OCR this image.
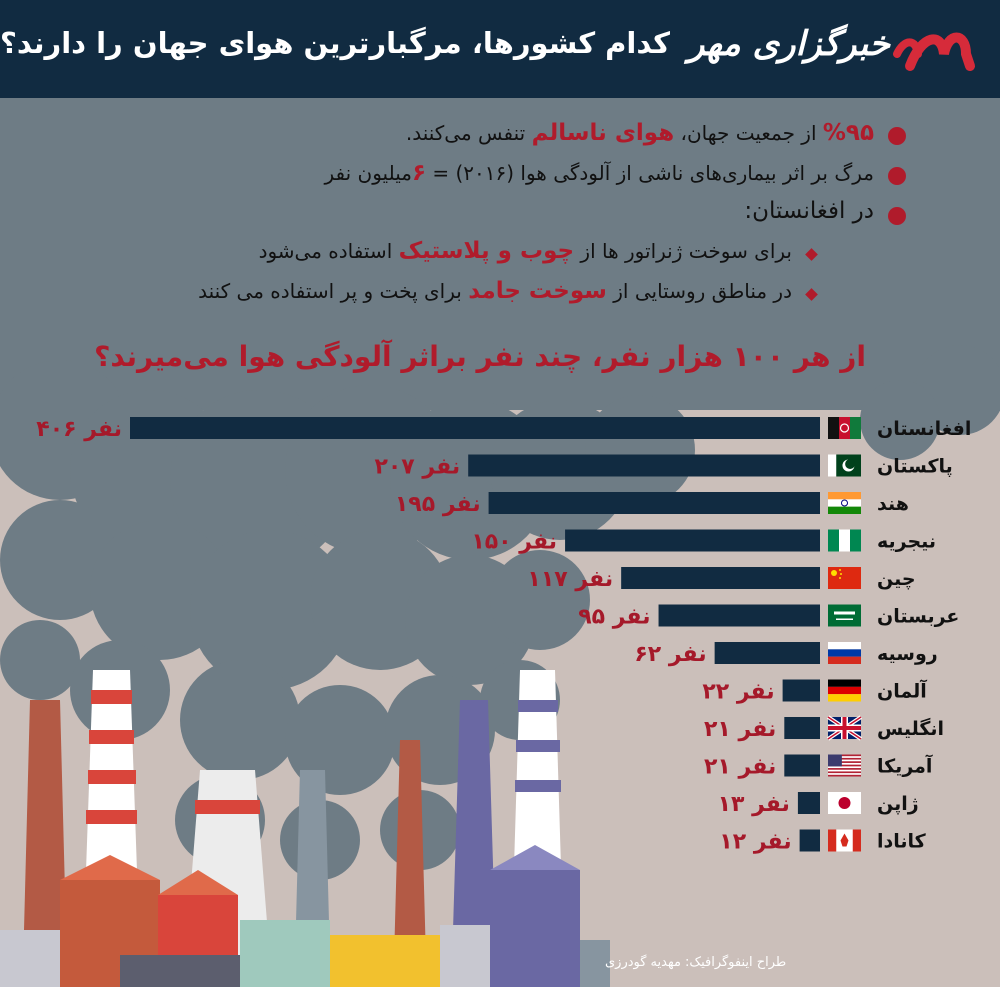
کدام کشورها، مرگبارترین هوای جهان را دارند؟ خبرگزاری مهر
%۹۵ از جمعیت جهان، هوای ناسالم تنفس می‌کنند.
مرگ بر اثر بیماری‌های ناشی از آلودگی هوا (۲۰۱۶) = ۶میلیون نفر
در افغانستان:
برای سوخت ژنراتور ها از چوب و پلاستیک استفاده می‌شود
در مناطق روستایی از سوخت جامد برای پخت و پر استفاده می کنند
از هر ۱۰۰ هزار نفر، چند نفر براثر آلودگی هوا می‌میرند؟
افغانستان
۴۰۶ نفر
پاکستان
۲۰۷ نفر
هند
۱۹۵ نفر
نیجریه
۱۵۰ نفر
چین
۱۱۷ نفر
عربستان
۹۵ نفر
روسیه
۶۲ نفر
آلمان
۲۲ نفر
انگلیس
۲۱ نفر
آمریکا
۲۱ نفر
ژاپن
۱۳ نفر
کانادا
۱۲ نفر
طراح اینفوگرافیک: مهدیه گودرزی
